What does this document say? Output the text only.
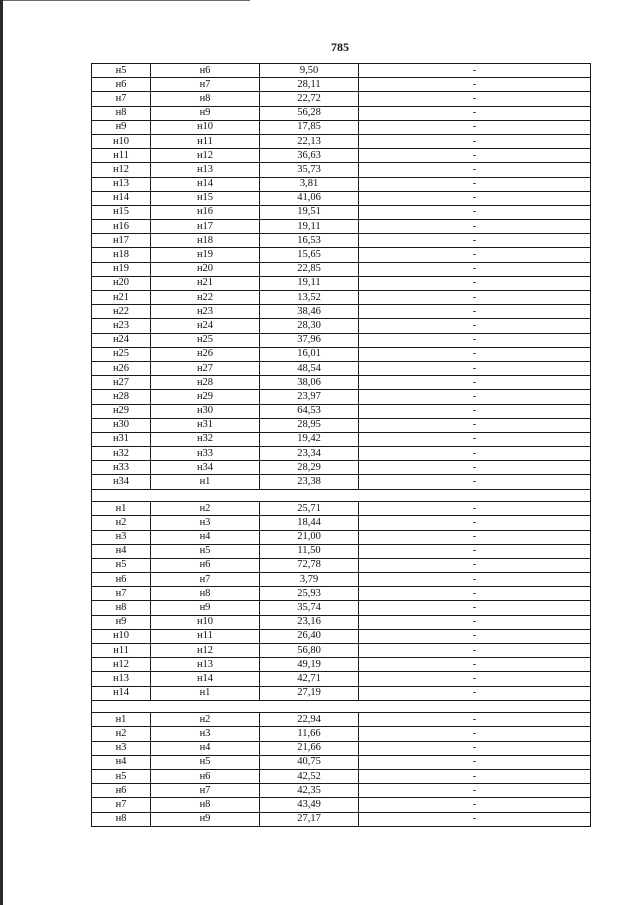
785
н5	н6	9,50	-
н6	н7	28,11	-
н7	н8	22,72	-
н8	н9	56,28	-
н9	н10	17,85	-
н10	н11	22,13	-
н11	н12	36,63	-
н12	н13	35,73	-
н13	н14	3,81	-
н14	н15	41,06	-
н15	н16	19,51	-
н16	н17	19,11	-
н17	н18	16,53	-
н18	н19	15,65	-
н19	н20	22,85	-
н20	н21	19,11	-
н21	н22	13,52	-
н22	н23	38,46	-
н23	н24	28,30	-
н24	н25	37,96	-
н25	н26	16,01	-
н26	н27	48,54	-
н27	н28	38,06	-
н28	н29	23,97	-
н29	н30	64,53	-
н30	н31	28,95	-
н31	н32	19,42	-
н32	н33	23,34	-
н33	н34	28,29	-
н34	н1	23,38	-

н1	н2	25,71	-
н2	н3	18,44	-
н3	н4	21,00	-
н4	н5	11,50	-
н5	н6	72,78	-
н6	н7	3,79	-
н7	н8	25,93	-
н8	н9	35,74	-
н9	н10	23,16	-
н10	н11	26,40	-
н11	н12	56,80	-
н12	н13	49,19	-
н13	н14	42,71	-
н14	н1	27,19	-

н1	н2	22,94	-
н2	н3	11,66	-
н3	н4	21,66	-
н4	н5	40,75	-
н5	н6	42,52	-
н6	н7	42,35	-
н7	н8	43,49	-
н8	н9	27,17	-
